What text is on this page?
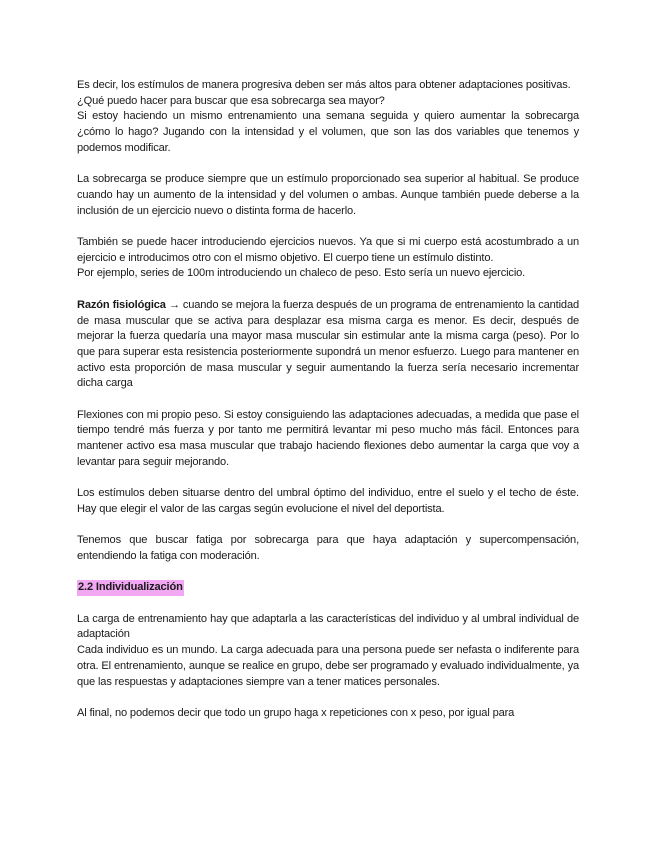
Es decir, los estímulos de manera progresiva deben ser más altos para obtener adaptaciones positivas.

¿Qué puedo hacer para buscar que esa sobrecarga sea mayor?

Si estoy haciendo un mismo entrenamiento una semana seguida y quiero aumentar la sobrecarga ¿cómo lo hago? Jugando con la intensidad y el volumen, que son las dos variables que tenemos y podemos modificar.

La sobrecarga se produce siempre que un estímulo proporcionado sea superior al habitual. Se produce cuando hay un aumento de la intensidad y del volumen o ambas. Aunque también puede deberse a la inclusión de un ejercicio nuevo o distinta forma de hacerlo.

También se puede hacer introduciendo ejercicios nuevos. Ya que si mi cuerpo está acostumbrado a un ejercicio e introducimos otro con el mismo objetivo. El cuerpo tiene un estímulo distinto.

Por ejemplo, series de 100m introduciendo un chaleco de peso. Esto sería un nuevo ejercicio.

Razón fisiológica → cuando se mejora la fuerza después de un programa de entrenamiento la cantidad de masa muscular que se activa para desplazar esa misma carga es menor. Es decir, después de mejorar la fuerza quedaría una mayor masa muscular sin estimular ante la misma carga (peso). Por lo que para superar esta resistencia posteriormente supondrá un menor esfuerzo. Luego para mantener en activo esta proporción de masa muscular y seguir aumentando la fuerza sería necesario incrementar dicha carga

Flexiones con mi propio peso. Si estoy consiguiendo las adaptaciones adecuadas, a medida que pase el tiempo tendré más fuerza y por tanto me permitirá levantar mi peso mucho más fácil. Entonces para mantener activo esa masa muscular que trabajo haciendo flexiones debo aumentar la carga que voy a levantar para seguir mejorando.

Los estímulos deben situarse dentro del umbral óptimo del individuo, entre el suelo y el techo de éste. Hay que elegir el valor de las cargas según evolucione el nivel del deportista.

Tenemos que buscar fatiga por sobrecarga para que haya adaptación y supercompensación, entendiendo la fatiga con moderación.

2.2 Individualización

La carga de entrenamiento hay que adaptarla a las características del individuo y al umbral individual de adaptación

Cada individuo es un mundo. La carga adecuada para una persona puede ser nefasta o indiferente para otra. El entrenamiento, aunque se realice en grupo, debe ser programado y evaluado individualmente, ya que las respuestas y adaptaciones siempre van a tener matices personales.

Al final, no podemos decir que todo un grupo haga x repeticiones con x peso, por igual para
